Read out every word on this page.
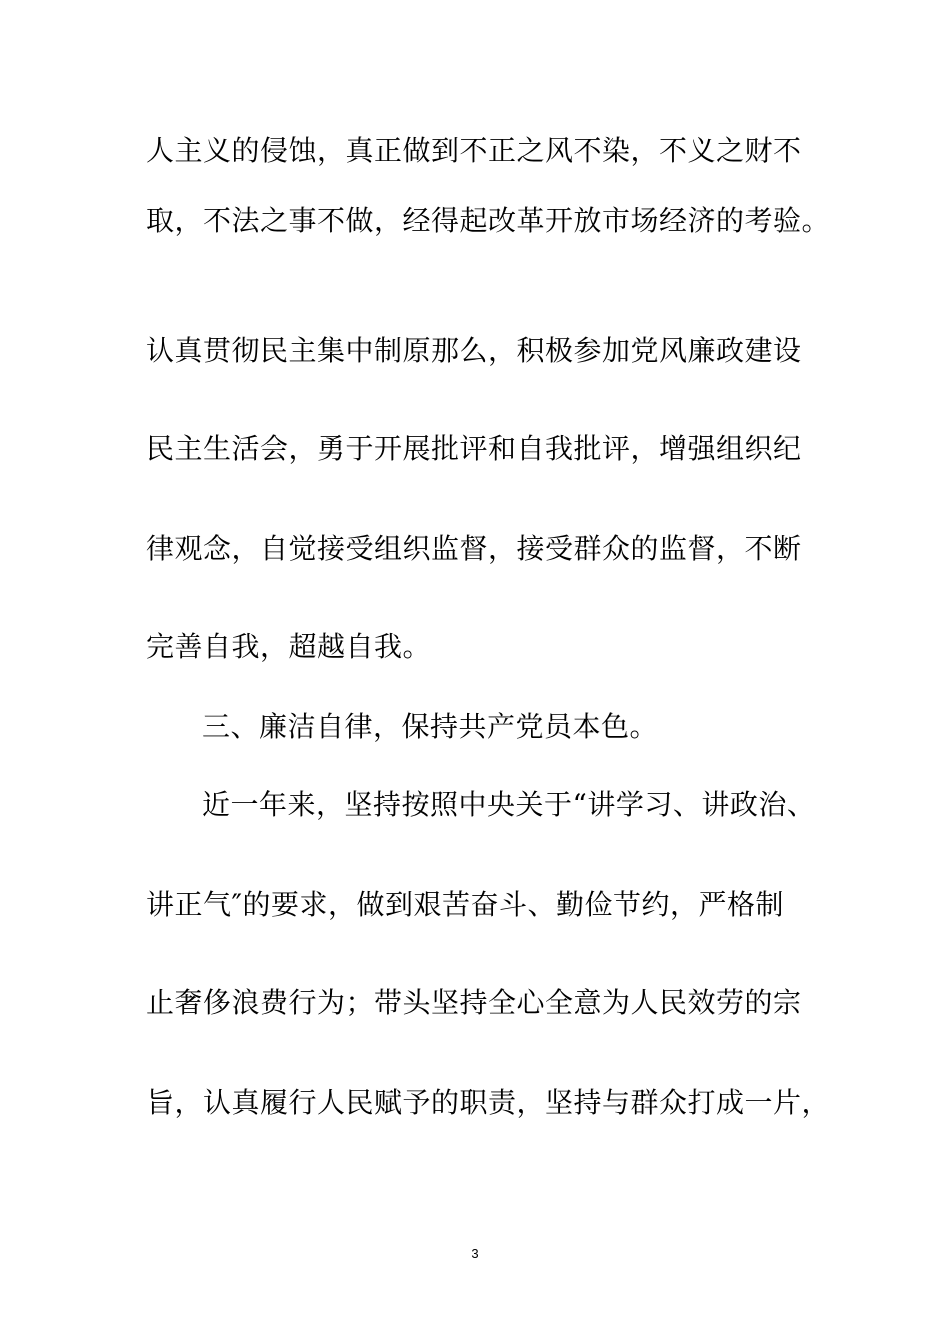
人主义的侵蚀，真正做到不正之风不染，不义之财不
取，不法之事不做，经得起改革开放市场经济的考验。
认真贯彻民主集中制原那么，积极参加党风廉政建设
民主生活会，勇于开展批评和自我批评，增强组织纪
律观念，自觉接受组织监督，接受群众的监督，不断
完善自我，超越自我。
三、廉洁自律，保持共产党员本色。
近一年来，坚持按照中央关于“讲学习、讲政治、
讲正气″的要求，做到艰苦奋斗、勤俭节约，严格制
止奢侈浪费行为；带头坚持全心全意为人民效劳的宗
旨，认真履行人民赋予的职责，坚持与群众打成一片，
3
